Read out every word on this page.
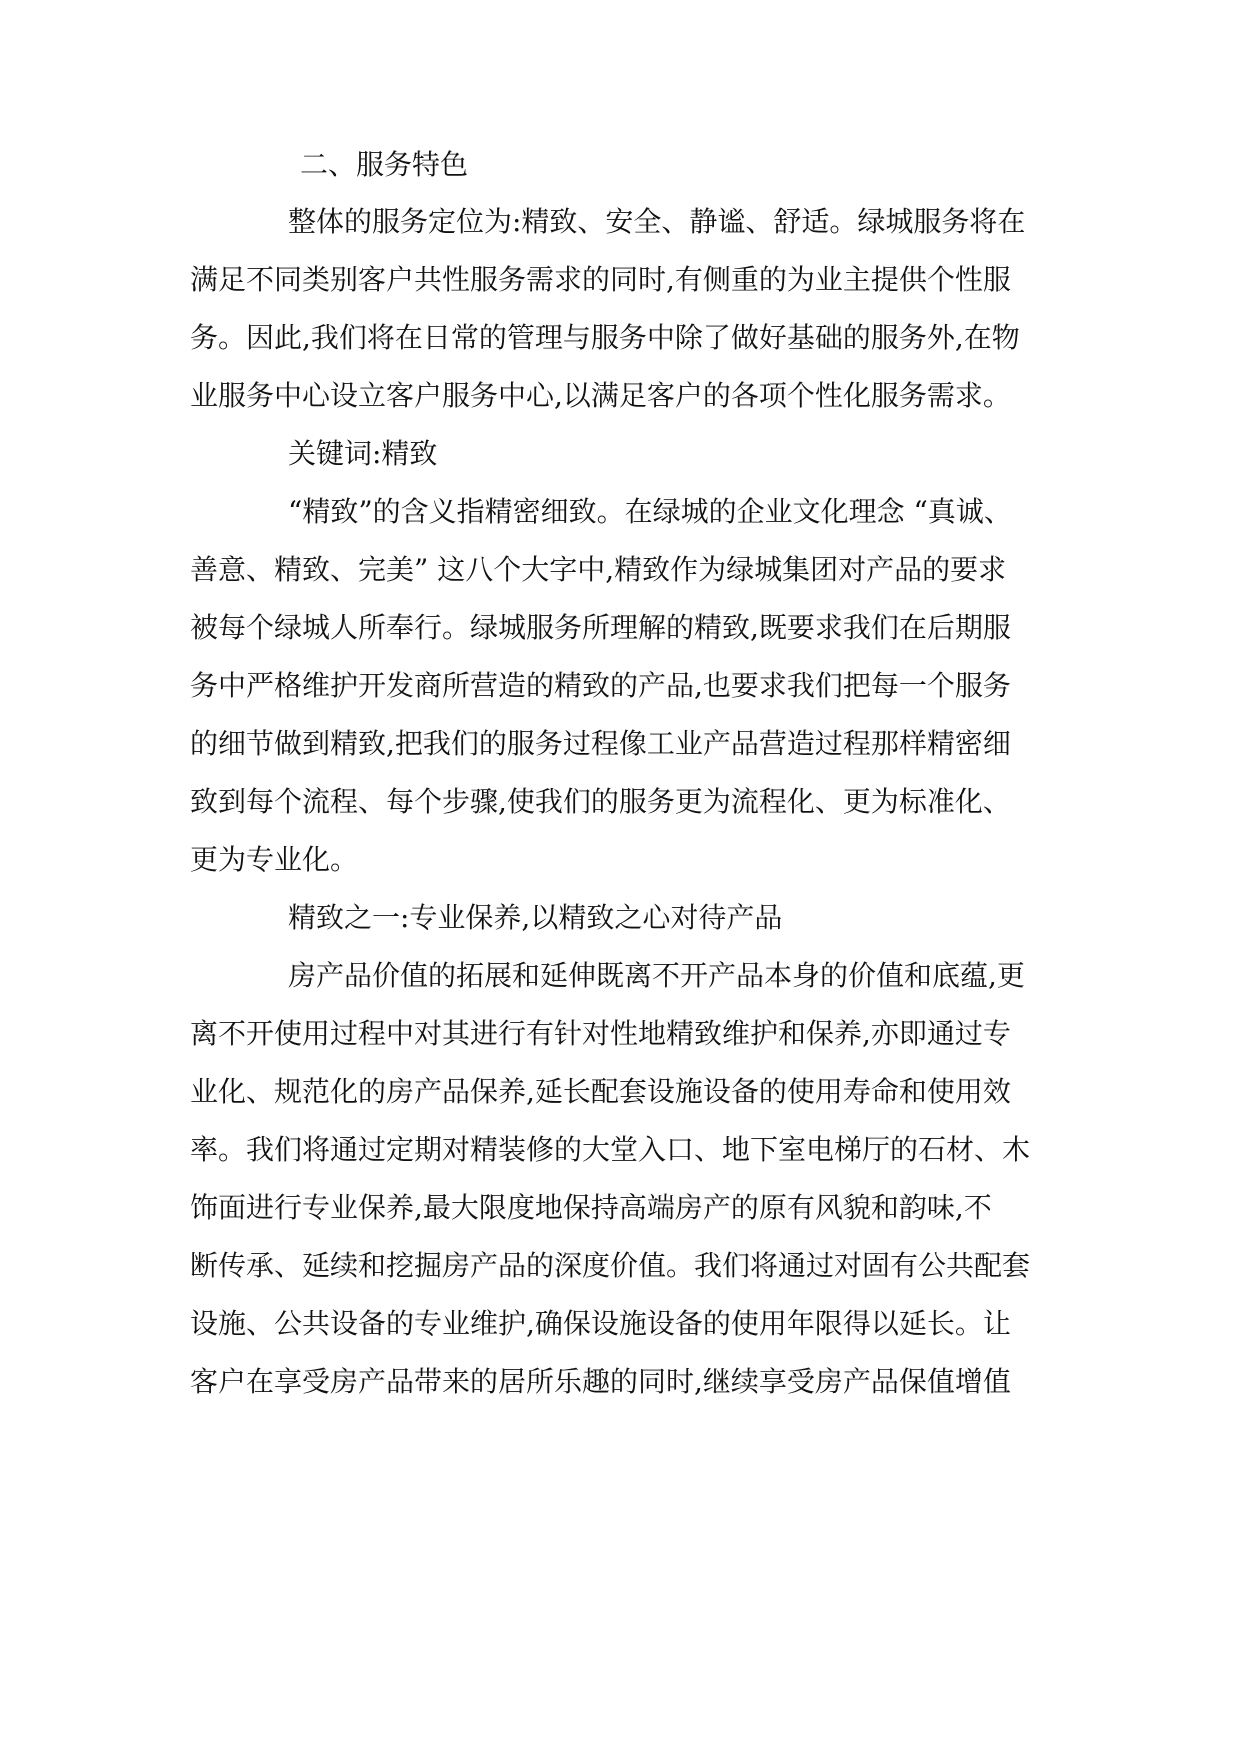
二、服务特色
整体的服务定位为:精致、安全、静谧、舒适。绿城服务将在
满足不同类别客户共性服务需求的同时,有侧重的为业主提供个性服
务。因此,我们将在日常的管理与服务中除了做好基础的服务外,在物
业服务中心设立客户服务中心,以满足客户的各项个性化服务需求。
关键词:精致
“精致”的含义指精密细致。在绿城的企业文化理念 “真诚、
善意、精致、完美” 这八个大字中,精致作为绿城集团对产品的要求
被每个绿城人所奉行。绿城服务所理解的精致,既要求我们在后期服
务中严格维护开发商所营造的精致的产品,也要求我们把每一个服务
的细节做到精致,把我们的服务过程像工业产品营造过程那样精密细
致到每个流程、每个步骤,使我们的服务更为流程化、更为标准化、
更为专业化。
精致之一:专业保养,以精致之心对待产品
房产品价值的拓展和延伸既离不开产品本身的价值和底蕴,更
离不开使用过程中对其进行有针对性地精致维护和保养,亦即通过专
业化、规范化的房产品保养,延长配套设施设备的使用寿命和使用效
率。我们将通过定期对精装修的大堂入口、地下室电梯厅的石材、木
饰面进行专业保养,最大限度地保持高端房产的原有风貌和韵味,不
断传承、延续和挖掘房产品的深度价值。我们将通过对固有公共配套
设施、公共设备的专业维护,确保设施设备的使用年限得以延长。让
客户在享受房产品带来的居所乐趣的同时,继续享受房产品保值增值
